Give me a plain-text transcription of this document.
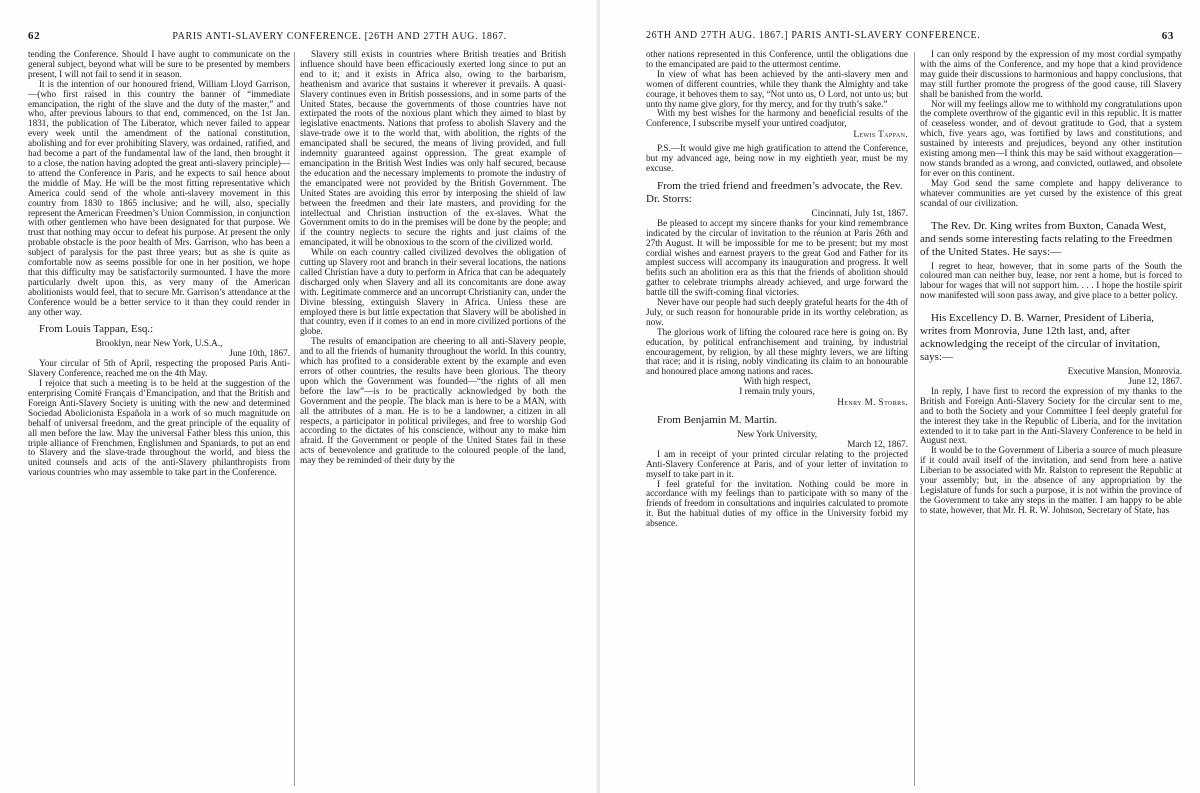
62	PARIS ANTI-SLAVERY CONFERENCE. [26TH AND 27TH AUG. 1867.

tending the Conference. Should I have aught to communicate on the general subject, beyond what will be sure to be presented by members present, I will not fail to send it in season.

It is the intention of our honoured friend, William Lloyd Garrison,—(who first raised in this country the banner of “immediate emancipation, the right of the slave and the duty of the master,” and who, after previous labours to that end, commenced, on the 1st Jan. 1831, the publication of The Liberator, which never failed to appear every week until the amendment of the national constitution, abolishing and for ever prohibiting Slavery, was ordained, ratified, and had become a part of the fundamental law of the land, then brought it to a close, the nation having adopted the great anti-slavery principle)—to attend the Conference in Paris, and he expects to sail hence about the middle of May. He will be the most fitting representative which America could send of the whole anti-slavery movement in this country from 1830 to 1865 inclusive; and he will, also, specially represent the American Freedmen’s Union Commission, in conjunction with other gentlemen who have been designated for that purpose. We trust that nothing may occur to defeat his purpose. At present the only probable obstacle is the poor health of Mrs. Garrison, who has been a subject of paralysis for the past three years; but as she is quite as comfortable now as seems possible for one in her position, we hope that this difficulty may be satisfactorily surmounted. I have the more particularly dwelt upon this, as very many of the American abolitionists would feel, that to secure Mr. Garrison’s attendance at the Conference would be a better service to it than they could render in any other way.

From Louis Tappan, Esq.:

Brooklyn, near New York, U.S.A.,

June 10th, 1867.

Your circular of 5th of April, respecting the proposed Paris Anti-Slavery Conference, reached me on the 4th May.

I rejoice that such a meeting is to be held at the suggestion of the enterprising Comité Français d’Emancipation, and that the British and Foreign Anti-Slavery Society is uniting with the new and determined Sociedad Abolicionista Española in a work of so much magnitude on behalf of universal freedom, and the great principle of the equality of all men before the law. May the universal Father bless this union, this triple alliance of Frenchmen, Englishmen and Spaniards, to put an end to Slavery and the slave-trade throughout the world, and bless the united counsels and acts of the anti-Slavery philanthropists from various countries who may assemble to take part in the Conference.

Slavery still exists in countries where British treaties and British influence should have been efficaciously exerted long since to put an end to it; and it exists in Africa also, owing to the barbarism, heathenism and avarice that sustains it wherever it prevails. A quasi-Slavery continues even in British possessions, and in some parts of the United States, because the governments of those countries have not extirpated the roots of the noxious plant which they aimed to blast by legislative enactments. Nations that profess to abolish Slavery and the slave-trade owe it to the world that, with abolition, the rights of the emancipated shall be secured, the means of living provided, and full indemnity guaranteed against oppression. The great example of emancipation in the British West Indies was only half secured, because the education and the necessary implements to promote the industry of the emancipated were not provided by the British Government. The United States are avoiding this error by interposing the shield of law between the freedmen and their late masters, and providing for the intellectual and Christian instruction of the ex-slaves. What the Government omits to do in the premises will be done by the people; and if the country neglects to secure the rights and just claims of the emancipated, it will be obnoxious to the scorn of the civilized world.

While on each country called civilized devolves the obligation of cutting up Slavery root and branch in their several locations, the nations called Christian have a duty to perform in Africa that can be adequately discharged only when Slavery and all its concomitants are done away with. Legitimate commerce and an uncorrupt Christianity can, under the Divine blessing, extinguish Slavery in Africa. Unless these are employed there is but little expectation that Slavery will be abolished in that country, even if it comes to an end in more civilized portions of the globe.

The results of emancipation are cheering to all anti-Slavery people, and to all the friends of humanity throughout the world. In this country, which has profited to a considerable extent by the example and even errors of other countries, the results have been glorious. The theory upon which the Government was founded—“the rights of all men before the law”—is to be practically acknowledged by both the Government and the people. The black man is here to be a MAN, with all the attributes of a man. He is to be a landowner, a citizen in all respects, a participator in political privileges, and free to worship God according to the dictates of his conscience, without any to make him afraid. If the Government or people of the United States fail in these acts of benevolence and gratitude to the coloured people of the land, may they be reminded of their duty by the

26TH AND 27TH AUG. 1867.] PARIS ANTI-SLAVERY CONFERENCE.	63

other nations represented in this Conference, until the obligations due to the emancipated are paid to the uttermost centime.

In view of what has been achieved by the anti-slavery men and women of different countries, while they thank the Almighty and take courage, it behoves them to say, “Not unto us, O Lord, not unto us; but unto thy name give glory, for thy mercy, and for thy truth’s sake.”

With my best wishes for the harmony and beneficial results of the Conference, I subscribe myself your untired coadjutor,

Lewis Tappan.

P.S.—It would give me high gratification to attend the Conference, but my advanced age, being now in my eightieth year, must be my excuse.

From the tried friend and freedmen’s advocate, the Rev. Dr. Storrs:

Cincinnati, July 1st, 1867.

Be pleased to accept my sincere thanks for your kind remembrance indicated by the circular of invitation to the réunion at Paris 26th and 27th August. It will be impossible for me to be present; but my most cordial wishes and earnest prayers to the great God and Father for its amplest success will accompany its inauguration and progress. It well befits such an abolition era as this that the friends of abolition should gather to celebrate triumphs already achieved, and urge forward the battle till the swift-coming final victories.

Never have our people had such deeply grateful hearts for the 4th of July, or such reason for honourable pride in its worthy celebration, as now.

The glorious work of lifting the coloured race here is going on. By education, by political enfranchisement and training, by industrial encouragement, by religion, by all these mighty levers, we are lifting that race; and it is rising, nobly vindicating its claim to an honourable and honoured place among nations and races.

With high respect,

I remain truly yours,

Henry M. Storrs.

From Benjamin M. Martin.

New York University,

March 12, 1867.

I am in receipt of your printed circular relating to the projected Anti-Slavery Conference at Paris, and of your letter of invitation to myself to take part in it.

I feel grateful for the invitation. Nothing could be more in accordance with my feelings than to participate with so many of the friends of freedom in consultations and inquiries calculated to promote it. But the habitual duties of my office in the University forbid my absence.

I can only respond by the expression of my most cordial sympathy with the aims of the Conference, and my hope that a kind providence may guide their discussions to harmonious and happy conclusions, that may still further promote the progress of the good cause, till Slavery shall be banished from the world.

Nor will my feelings allow me to withhold my congratulations upon the complete overthrow of the gigantic evil in this republic. It is matter of ceaseless wonder, and of devout gratitude to God, that a system which, five years ago, was fortified by laws and constitutions, and sustained by interests and prejudices, beyond any other institution existing among men—I think this may be said without exaggeration—now stands branded as a wrong, and convicted, outlawed, and obsolete for ever on this continent.

May God send the same complete and happy deliverance to whatever communities are yet cursed by the existence of this great scandal of our civilization.

The Rev. Dr. King writes from Buxton, Canada West, and sends some interesting facts relating to the Freedmen of the United States. He says:—

I regret to hear, however, that in some parts of the South the coloured man can neither buy, lease, nor rent a home, but is forced to labour for wages that will not support him. . . . I hope the hostile spirit now manifested will soon pass away, and give place to a better policy.

His Excellency D. B. Warner, President of Liberia, writes from Monrovia, June 12th last, and, after acknowledging the receipt of the circular of invitation, says:—

Executive Mansion, Monrovia.

June 12, 1867.

In reply, I have first to record the expression of my thanks to the British and Foreign Anti-Slavery Society for the circular sent to me, and to both the Society and your Committee I feel deeply grateful for the interest they take in the Republic of Liberia, and for the invitation extended to it to take part in the Anti-Slavery Conference to be held in August next.

It would be to the Government of Liberia a source of much pleasure if it could avail itself of the invitation, and send from here a native Liberian to be associated with Mr. Ralston to represent the Republic at your assembly; but, in the absence of any appropriation by the Legislature of funds for such a purpose, it is not within the province of the Government to take any steps in the matter. I am happy to be able to state, however, that Mr. H. R. W. Johnson, Secretary of State, has
